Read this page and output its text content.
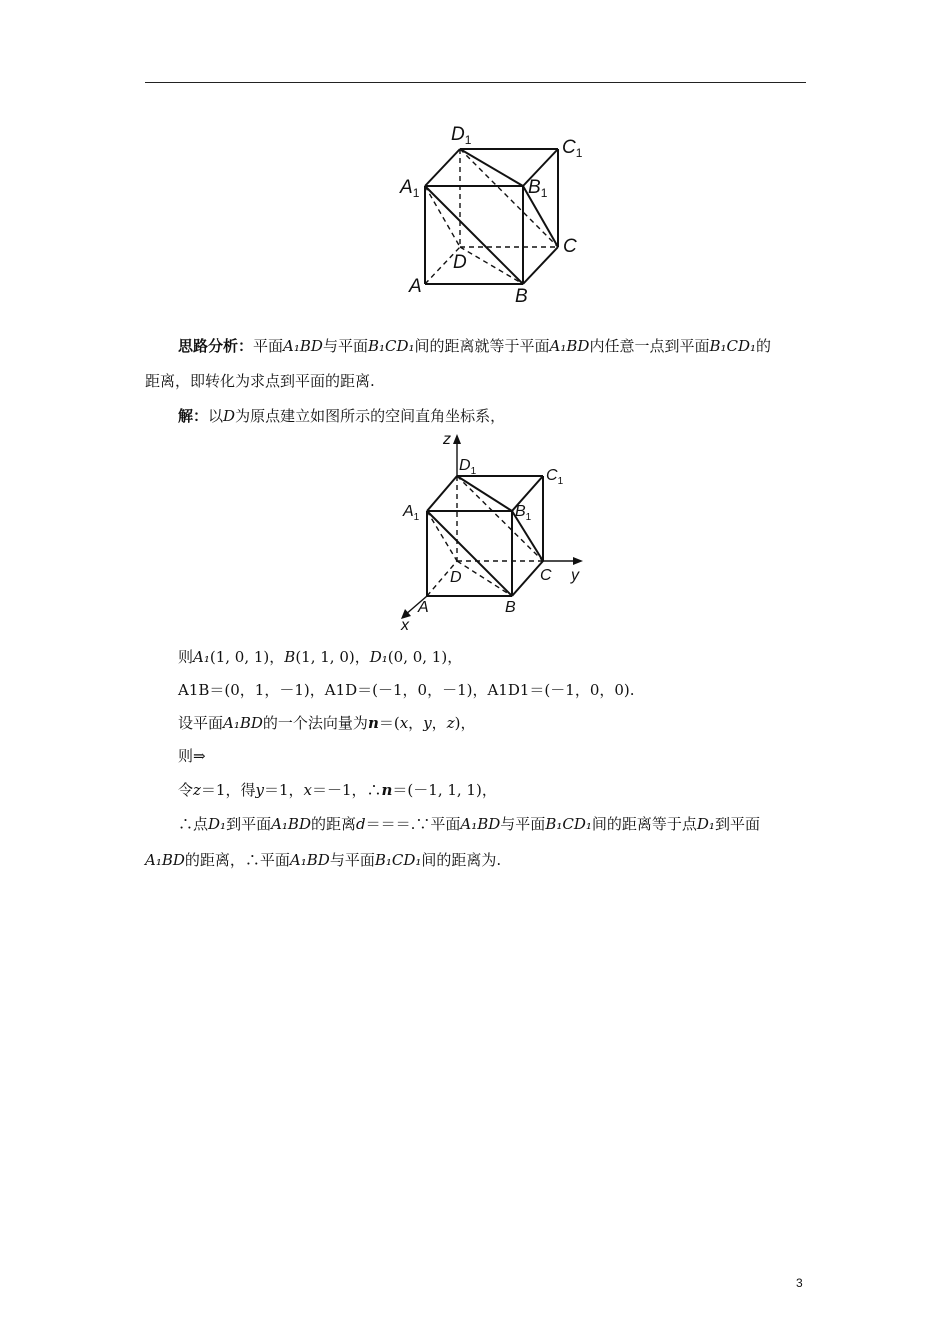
$D_1$	$C_1$
$A_1$	$B_1$
C
D
A	B
思路分析：平面A₁BD与平面B₁CD₁间的距离就等于平面A₁BD内任意一点到平面B₁CD₁的
距离，即转化为求点到平面的距离.
解：以D为原点建立如图所示的空间直角坐标系，
z
y
x
$D_1$	$C_1$
$A_1$	$B_1$
C
D
A	B
则A₁(1, 0, 1)，B(1, 1, 0)，D₁(0, 0, 1)，
A1B＝(0，1，－1)，A1D＝(－1，0，－1)，A1D1＝(－1，0，0).
设平面A₁BD的一个法向量为n＝(x，y，z)，
则⇒
令z＝1，得y＝1，x＝－1，∴n＝(－1, 1, 1)，
∴点D₁到平面A₁BD的距离d＝＝＝.∵平面A₁BD与平面B₁CD₁间的距离等于点D₁到平面
A₁BD的距离，∴平面A₁BD与平面B₁CD₁间的距离为.
3
